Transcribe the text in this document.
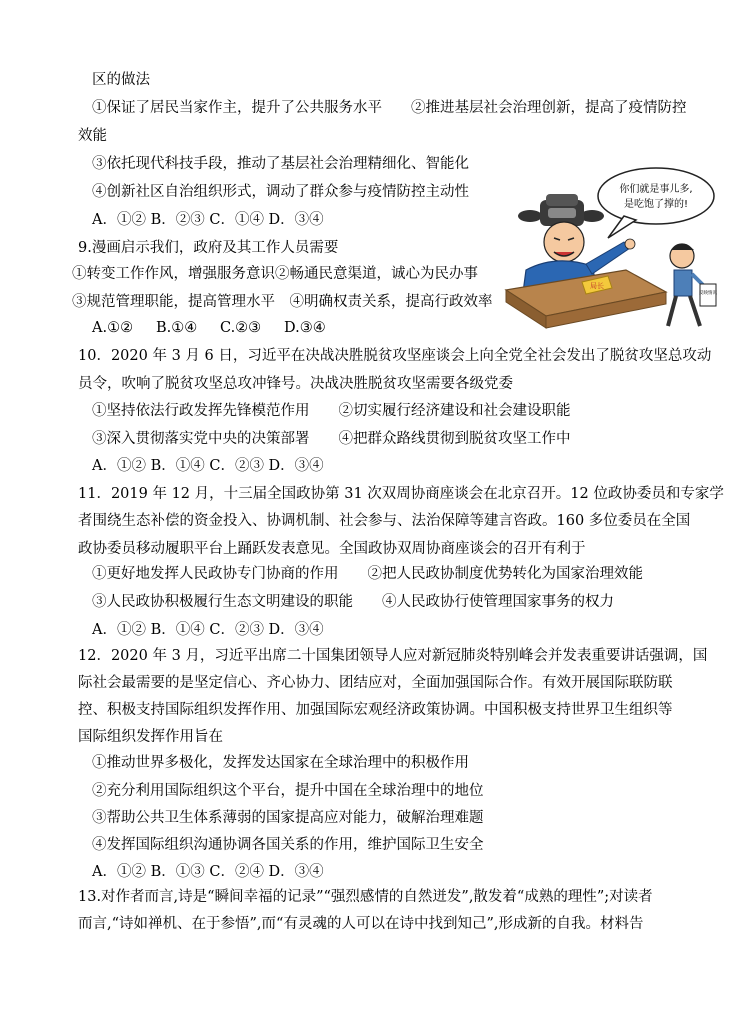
区的做法
①保证了居民当家作主，提升了公共服务水平　　②推进基层社会治理创新，提高了疫情防控
效能
③依托现代科技手段，推动了基层社会治理精细化、智能化
④创新社区自治组织形式，调动了群众参与疫情防控主动性
A．①② B．②③ C．①④ D．③④
9.漫画启示我们，政府及其工作人员需要
①转变工作作风，增强服务意识②畅通民意渠道，诚心为民办事
③规范管理职能，提高管理水平　④明确权责关系，提高行政效率
A.①② B.①④ C.②③ D.③④
10．2020 年 3 月 6 日，习近平在决战决胜脱贫攻坚座谈会上向全党全社会发出了脱贫攻坚总攻动
员令，吹响了脱贫攻坚总攻冲锋号。决战决胜脱贫攻坚需要各级党委
①坚持依法行政发挥先锋模范作用　　②切实履行经济建设和社会建设职能
③深入贯彻落实党中央的决策部署　　④把群众路线贯彻到脱贫攻坚工作中
A．①② B．①④ C．②③ D．③④
11．2019 年 12 月，十三届全国政协第 31 次双周协商座谈会在北京召开。12 位政协委员和专家学
者围绕生态补偿的资金投入、协调机制、社会参与、法治保障等建言咨政。160 多位委员在全国
政协委员移动履职平台上踊跃发表意见。全国政协双周协商座谈会的召开有利于
①更好地发挥人民政协专门协商的作用　　②把人民政协制度优势转化为国家治理效能
③人民政协积极履行生态文明建设的职能　　④人民政协行使管理国家事务的权力
A．①② B．①④ C．②③ D．③④
12．2020 年 3 月，习近平出席二十国集团领导人应对新冠肺炎特别峰会并发表重要讲话强调，国
际社会最需要的是坚定信心、齐心协力、团结应对，全面加强国际合作。有效开展国际联防联
控、积极支持国际组织发挥作用、加强国际宏观经济政策协调。中国积极支持世界卫生组织等
国际组织发挥作用旨在
①推动世界多极化，发挥发达国家在全球治理中的积极作用
②充分利用国际组织这个平台，提升中国在全球治理中的地位
③帮助公共卫生体系薄弱的国家提高应对能力，破解治理难题
④发挥国际组织沟通协调各国关系的作用，维护国际卫生安全
A．①② B．①③ C．②④ D．③④
13.对作者而言,诗是“瞬间幸福的记录”“强烈感情的自然迸发”,散发着“成熟的理性”;对读者
而言,“诗如禅机、在于参悟”,而“有灵魂的人可以在诗中找到知己”,形成新的自我。材料告
你们就是事儿多,
是吃饱了撑的!
局长
反映情况
